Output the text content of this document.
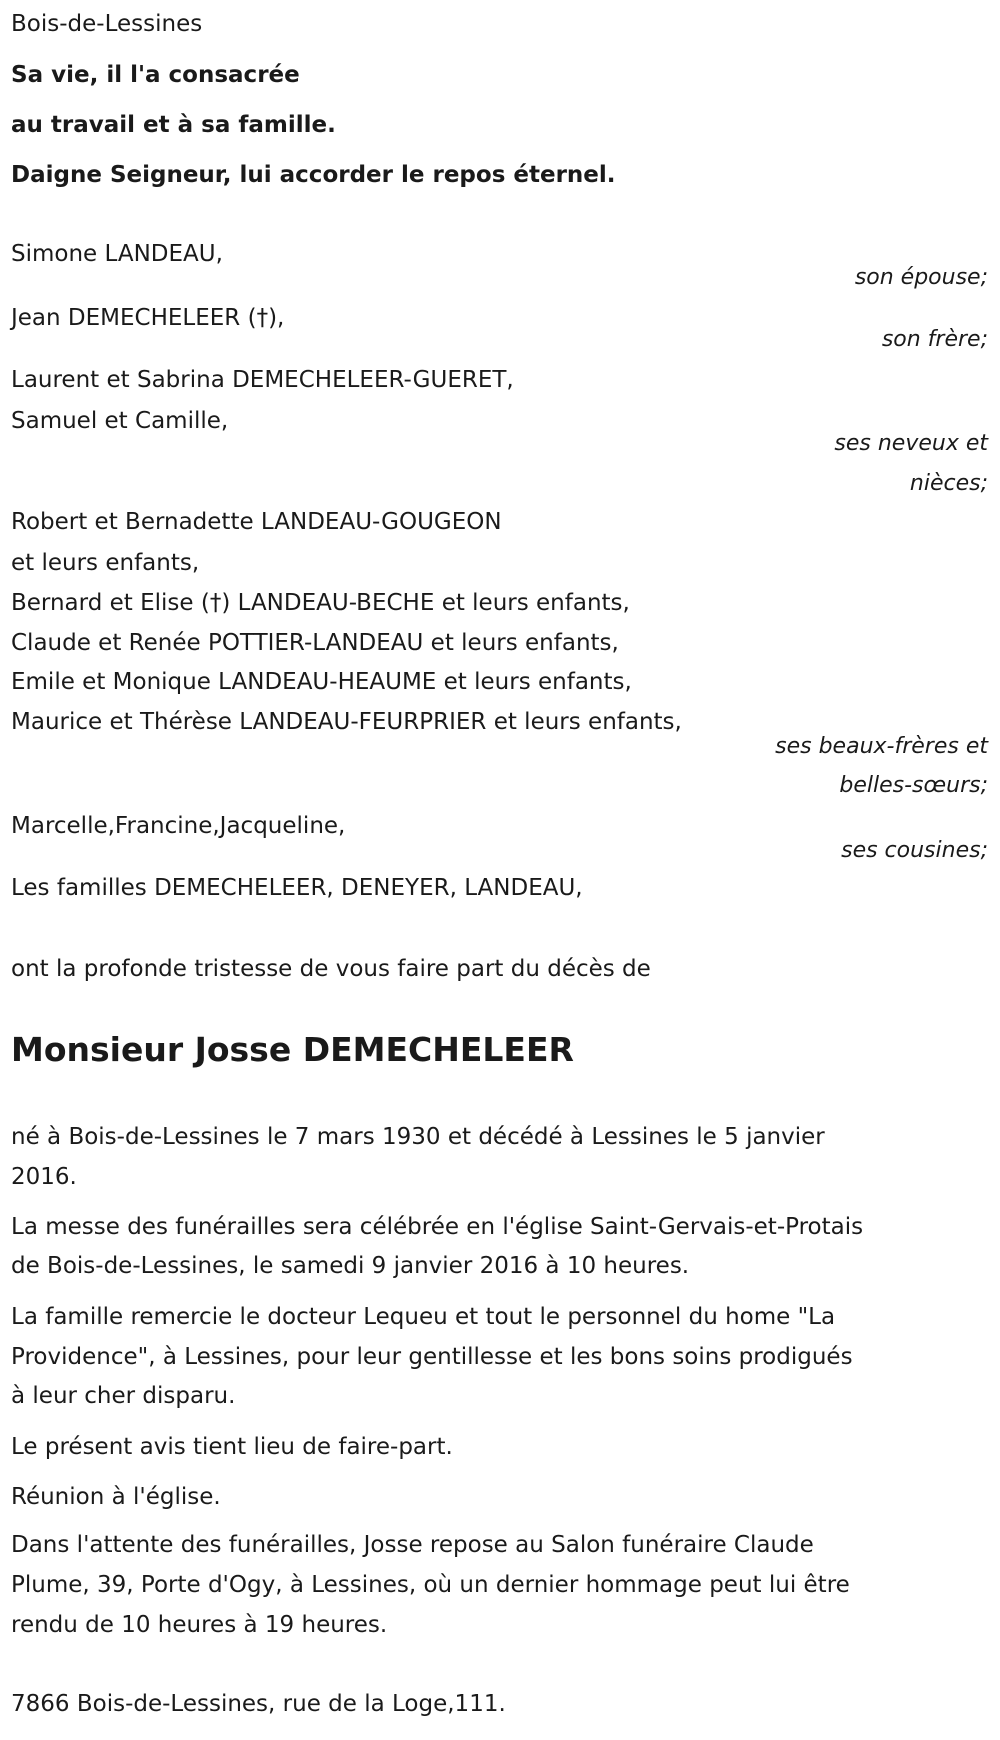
Bois-de-Lessines
Sa vie, il l'a consacrée
au travail et à sa famille.
Daigne Seigneur, lui accorder le repos éternel.
Simone LANDEAU,
son épouse;
Jean DEMECHELEER (†),
son frère;
Laurent et Sabrina DEMECHELEER-GUERET,
Samuel et Camille,
ses neveux et
nièces;
Robert et Bernadette LANDEAU-GOUGEON
et leurs enfants,
Bernard et Elise (†) LANDEAU-BECHE et leurs enfants,
Claude et Renée POTTIER-LANDEAU et leurs enfants,
Emile et Monique LANDEAU-HEAUME et leurs enfants,
Maurice et Thérèse LANDEAU-FEURPRIER et leurs enfants,
ses beaux-frères et
belles-sœurs;
Marcelle,Francine,Jacqueline,
ses cousines;
Les familles DEMECHELEER, DENEYER, LANDEAU,
ont la profonde tristesse de vous faire part du décès de
Monsieur Josse DEMECHELEER
né à Bois-de-Lessines le 7 mars 1930 et décédé à Lessines le 5 janvier
2016.
La messe des funérailles sera célébrée en l'église Saint-Gervais-et-Protais
de Bois-de-Lessines, le samedi 9 janvier 2016 à 10 heures.
La famille remercie le docteur Lequeu et tout le personnel du home "La
Providence", à Lessines, pour leur gentillesse et les bons soins prodigués
à leur cher disparu.
Le présent avis tient lieu de faire-part.
Réunion à l'église.
Dans l'attente des funérailles, Josse repose au Salon funéraire Claude
Plume, 39, Porte d'Ogy, à Lessines, où un dernier hommage peut lui être
rendu de 10 heures à 19 heures.
7866 Bois-de-Lessines, rue de la Loge,111.
